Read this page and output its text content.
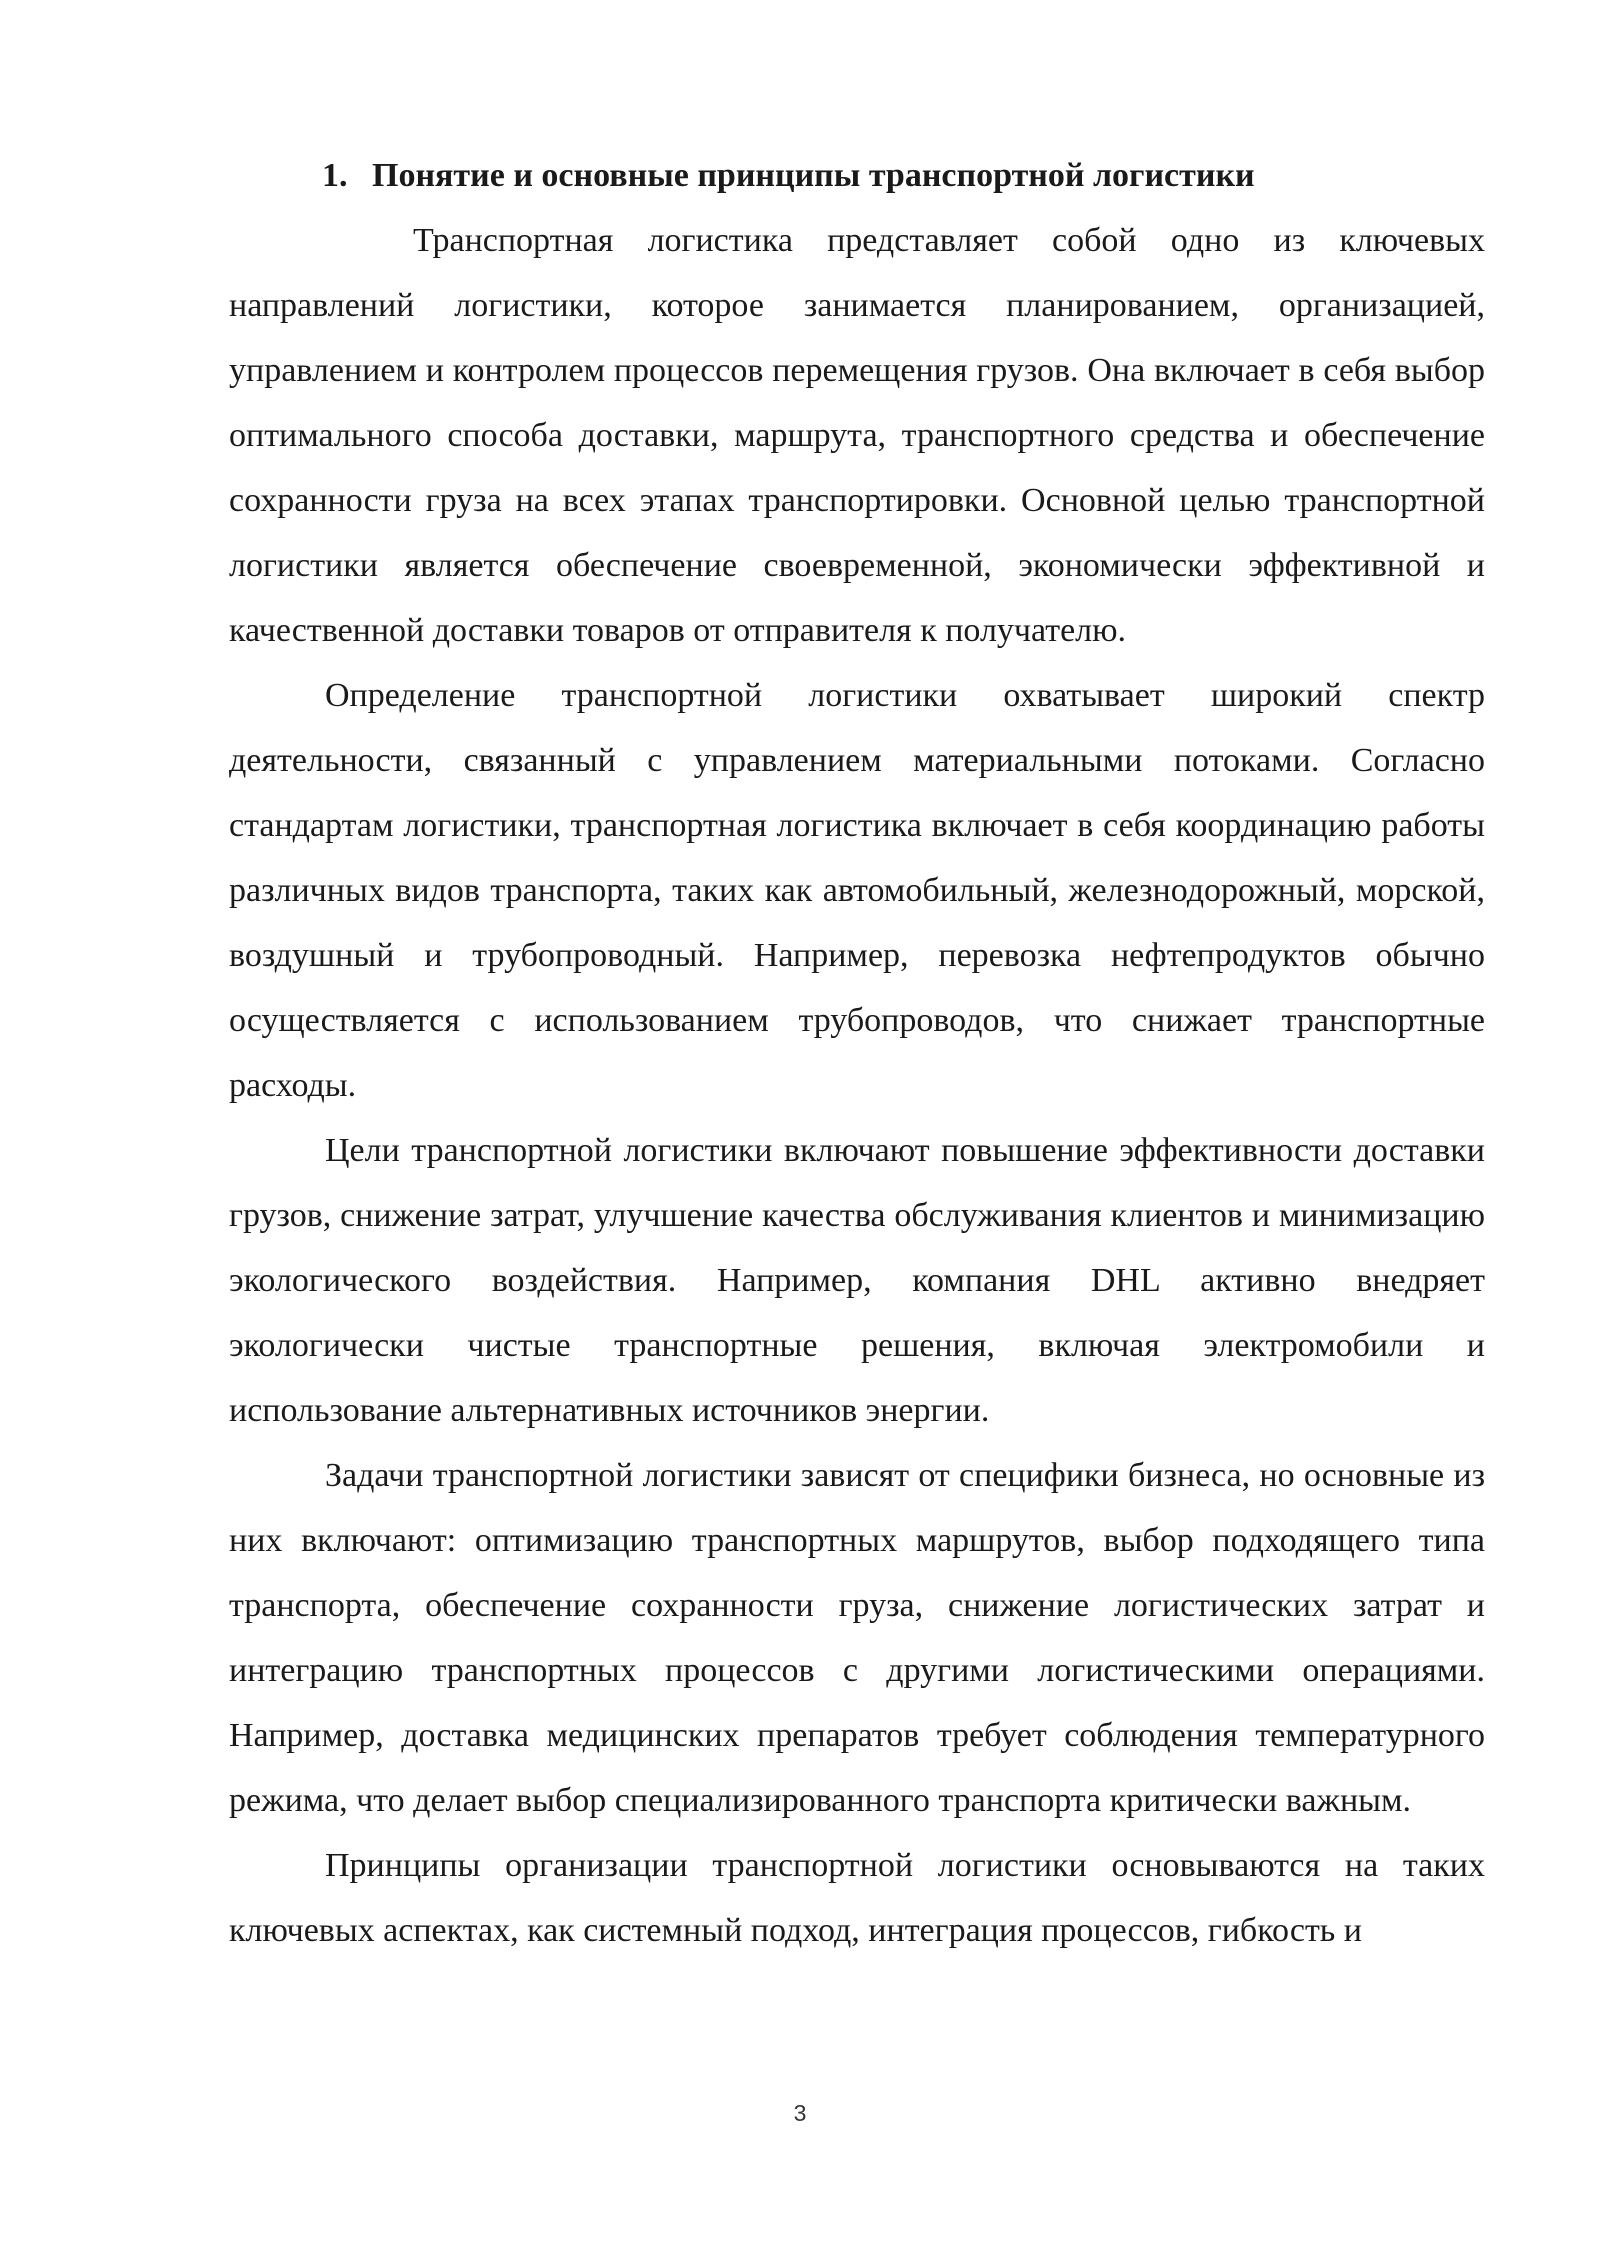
1. Понятие и основные принципы транспортной логистики

Транспортная логистика представляет собой одно из ключевых направлений логистики, которое занимается планированием, организацией, управлением и контролем процессов перемещения грузов. Она включает в себя выбор оптимального способа доставки, маршрута, транспортного средства и обеспечение сохранности груза на всех этапах транспортировки. Основной целью транспортной логистики является обеспечение своевременной, экономически эффективной и качественной доставки товаров от отправителя к получателю.

Определение транспортной логистики охватывает широкий спектр деятельности, связанный с управлением материальными потоками. Согласно стандартам логистики, транспортная логистика включает в себя координацию работы различных видов транспорта, таких как автомобильный, железнодорожный, морской, воздушный и трубопроводный. Например, перевозка нефтепродуктов обычно осуществляется с использованием трубопроводов, что снижает транспортные расходы.

Цели транспортной логистики включают повышение эффективности доставки грузов, снижение затрат, улучшение качества обслуживания клиентов и минимизацию экологического воздействия. Например, компания DHL активно внедряет экологически чистые транспортные решения, включая электромобили и использование альтернативных источников энергии.

Задачи транспортной логистики зависят от специфики бизнеса, но основные из них включают: оптимизацию транспортных маршрутов, выбор подходящего типа транспорта, обеспечение сохранности груза, снижение логистических затрат и интеграцию транспортных процессов с другими логистическими операциями. Например, доставка медицинских препаратов требует соблюдения температурного режима, что делает выбор специализированного транспорта критически важным.

Принципы организации транспортной логистики основываются на таких ключевых аспектах, как системный подход, интеграция процессов, гибкость и

3
